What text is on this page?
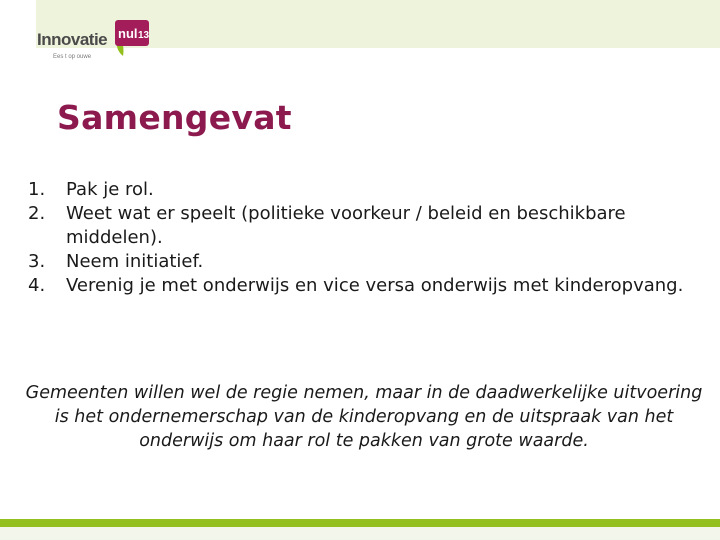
Innovatie nul 13
Ees t op ouwe
Samengevat
1. Pak je rol.
2. Weet wat er speelt (politieke voorkeur / beleid en beschikbare middelen).
3. Neem initiatief.
4. Verenig je met onderwijs en vice versa onderwijs met kinderopvang.

Gemeenten willen wel de regie nemen, maar in de daadwerkelijke uitvoering is het ondernemerschap van de kinderopvang en de uitspraak van het onderwijs om haar rol te pakken van grote waarde.
